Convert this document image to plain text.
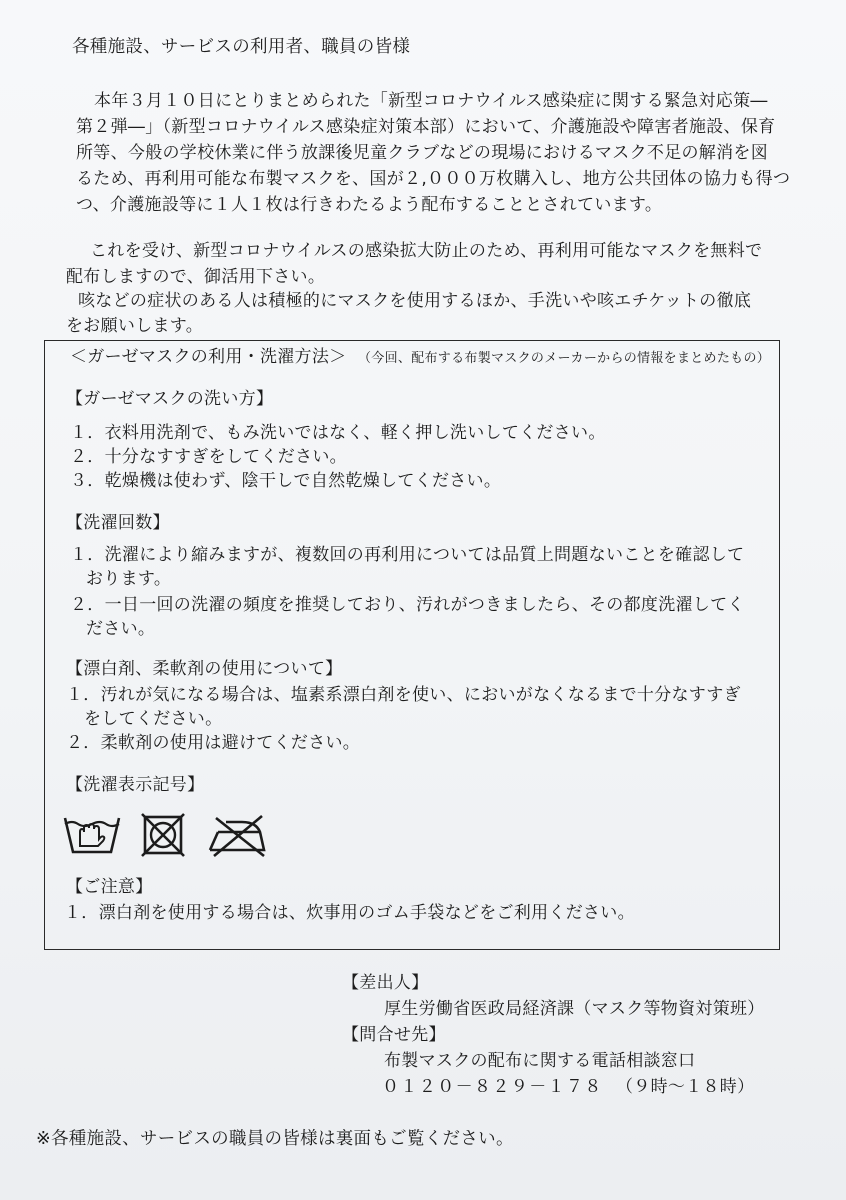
各種施設、サービスの利用者、職員の皆様
本年３月１０日にとりまとめられた「新型コロナウイルス感染症に関する緊急対応策―
第２弾―」（新型コロナウイルス感染症対策本部）において、介護施設や障害者施設、保育
所等、今般の学校休業に伴う放課後児童クラブなどの現場におけるマスク不足の解消を図
るため、再利用可能な布製マスクを、国が２,０００万枚購入し、地方公共団体の協力も得つ
つ、介護施設等に１人１枚は行きわたるよう配布することとされています。
これを受け、新型コロナウイルスの感染拡大防止のため、再利用可能なマスクを無料で
配布しますので、御活用下さい。
咳などの症状のある人は積極的にマスクを使用するほか、手洗いや咳エチケットの徹底
をお願いします。
＜ガーゼマスクの利用・洗濯方法＞ （今回、配布する布製マスクのメーカーからの情報をまとめたもの）
【ガーゼマスクの洗い方】
１．衣料用洗剤で、もみ洗いではなく、軽く押し洗いしてください。
２．十分なすすぎをしてください。
３．乾燥機は使わず、陰干しで自然乾燥してください。
【洗濯回数】
１．洗濯により縮みますが、複数回の再利用については品質上問題ないことを確認して
おります。
２．一日一回の洗濯の頻度を推奨しており、汚れがつきましたら、その都度洗濯してく
ださい。
【漂白剤、柔軟剤の使用について】
１．汚れが気になる場合は、塩素系漂白剤を使い、においがなくなるまで十分なすすぎ
をしてください。
２．柔軟剤の使用は避けてください。
【洗濯表示記号】
【ご注意】
１．漂白剤を使用する場合は、炊事用のゴム手袋などをご利用ください。
【差出人】
厚生労働省医政局経済課（マスク等物資対策班）
【問合せ先】
布製マスクの配布に関する電話相談窓口
０１２０－８２９－１７８ （９時～１８時）
※各種施設、サービスの職員の皆様は裏面もご覧ください。
